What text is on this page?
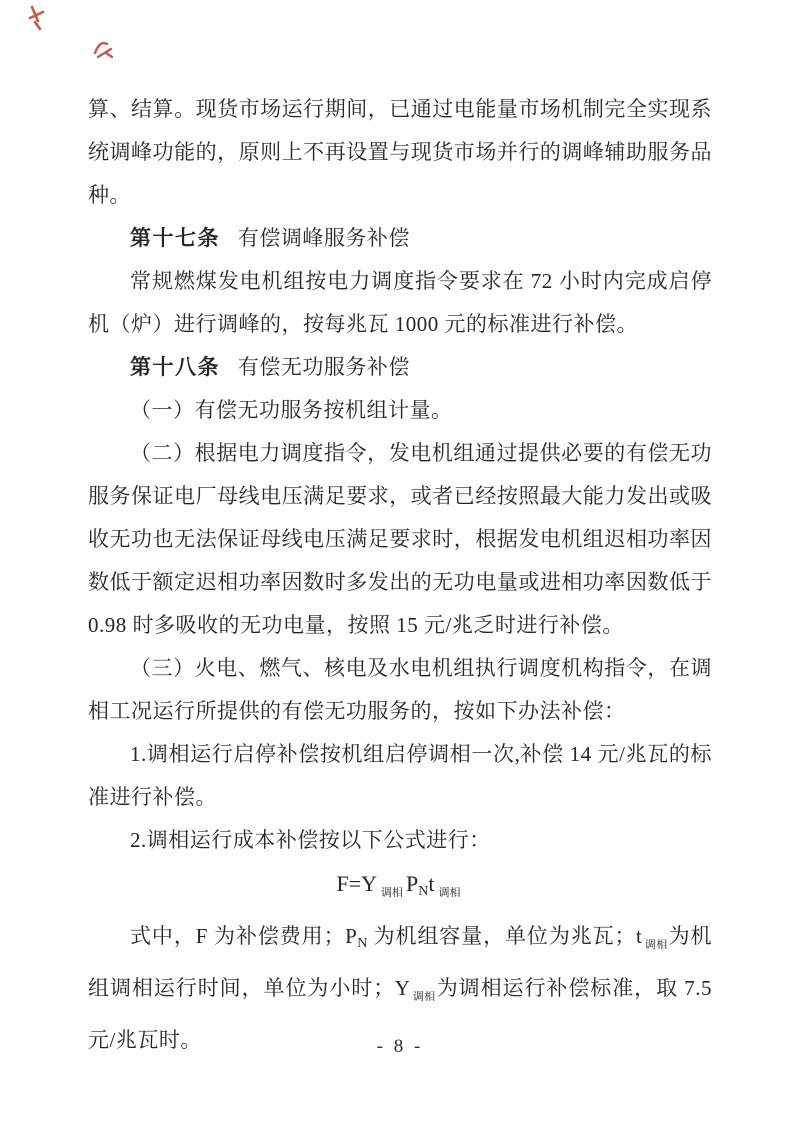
算、结算。现货市场运行期间，已通过电能量市场机制完全实现系统调峰功能的，原则上不再设置与现货市场并行的调峰辅助服务品种。

第十七条 有偿调峰服务补偿

常规燃煤发电机组按电力调度指令要求在 72 小时内完成启停机（炉）进行调峰的，按每兆瓦 1000 元的标准进行补偿。

第十八条 有偿无功服务补偿

（一）有偿无功服务按机组计量。

（二）根据电力调度指令，发电机组通过提供必要的有偿无功服务保证电厂母线电压满足要求，或者已经按照最大能力发出或吸收无功也无法保证母线电压满足要求时，根据发电机组迟相功率因数低于额定迟相功率因数时多发出的无功电量或进相功率因数低于 0.98 时多吸收的无功电量，按照 15 元/兆乏时进行补偿。

（三）火电、燃气、核电及水电机组执行调度机构指令，在调相工况运行所提供的有偿无功服务的，按如下办法补偿：

1.调相运行启停补偿按机组启停调相一次,补偿 14 元/兆瓦的标准进行补偿。

2.调相运行成本补偿按以下公式进行：

F=Y $_{调相}$ PNt $_{调相}$

式中，F 为补偿费用；PN 为机组容量，单位为兆瓦；t $_{调相}$为机组调相运行时间，单位为小时；Y $_{调相}$为调相运行补偿标准，取 7.5 元/兆瓦时。	- 8 -
